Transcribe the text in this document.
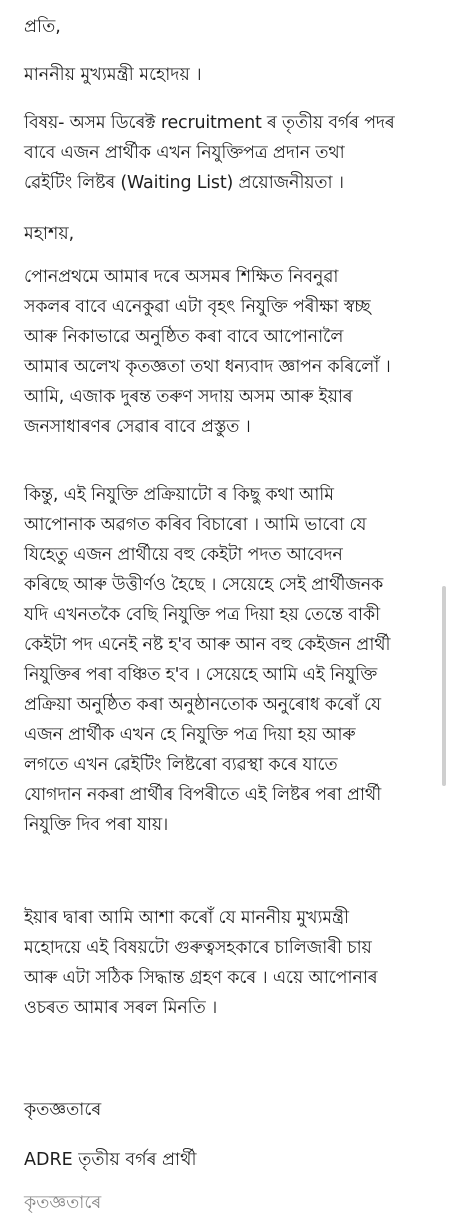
প্ৰতি,

মাননীয় মুখ্যমন্ত্ৰী মহোদয় ।

বিষয়- অসম ডিৰেক্ট recruitment ৰ তৃতীয় বৰ্গৰ পদৰ
বাবে এজন প্ৰাৰ্থীক এখন নিযুক্তিপত্ৰ প্ৰদান তথা
ৱেইটিং লিষ্টৰ (Waiting List) প্ৰয়োজনীয়তা ।

মহাশয়,

পোনপ্ৰথমে আমাৰ দৰে অসমৰ শিক্ষিত নিবনুৱা
সকলৰ বাবে এনেকুৱা এটা বৃহৎ নিযুক্তি পৰীক্ষা স্বচ্ছ
আৰু নিকাভাৱে অনুষ্ঠিত কৰা বাবে আপোনালৈ
আমাৰ অলেখ কৃতজ্ঞতা তথা ধন্যবাদ জ্ঞাপন কৰিলোঁ ।
আমি, এজাক দুৰন্ত তৰুণ সদায় অসম আৰু ইয়াৰ
জনসাধাৰণৰ সেৱাৰ বাবে প্ৰস্তুত ।

কিন্তু, এই নিযুক্তি প্ৰক্ৰিয়াটো ৰ কিছু কথা আমি
আপোনাক অৱগত কৰিব বিচাৰো । আমি ভাবো যে
যিহেতু এজন প্ৰাৰ্থীয়ে বহু কেইটা পদত আবেদন
কৰিছে আৰু উত্তীৰ্ণও হৈছে । সেয়েহে সেই প্ৰাৰ্থীজনক
যদি এখনতকৈ বেছি নিযুক্তি পত্ৰ দিয়া হয় তেন্তে বাকী
কেইটা পদ এনেই নষ্ট হ'ব আৰু আন বহু কেইজন প্ৰাৰ্থী
নিযুক্তিৰ পৰা বঞ্চিত হ'ব । সেয়েহে আমি এই নিযুক্তি
প্ৰক্ৰিয়া অনুষ্ঠিত কৰা অনুষ্ঠানতোক অনুৰোধ কৰোঁ যে
এজন প্ৰাৰ্থীক এখন হে নিযুক্তি পত্ৰ দিয়া হয় আৰু
লগতে এখন ৱেইটিং লিষ্টৰো ব্যৱস্থা কৰে যাতে
যোগদান নকৰা প্ৰাৰ্থীৰ বিপৰীতে এই লিষ্টৰ পৰা প্ৰাৰ্থী
নিযুক্তি দিব পৰা যায়।

ইয়াৰ দ্বাৰা আমি আশা কৰোঁ যে মাননীয় মুখ্যমন্ত্ৰী
মহোদয়ে এই বিষয়টো গুৰুত্বসহকাৰে চালিজাৰী চায়
আৰু এটা সঠিক সিদ্ধান্ত গ্ৰহণ কৰে । এয়ে আপোনাৰ
ওচৰত আমাৰ সৰল মিনতি ।

কৃতজ্ঞতাৰে

ADRE তৃতীয় বৰ্গৰ প্ৰাৰ্থী

কৃতজ্ঞতাৰে
